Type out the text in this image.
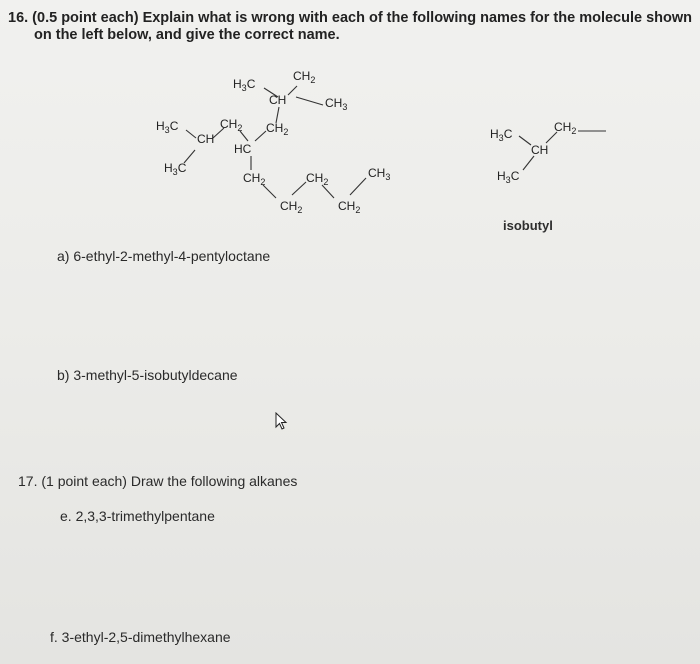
16. (0.5 point each) Explain what is wrong with each of the following names for the molecule shown
on the left below, and give the correct name.
$H_3C$
$CH_2$
CH	$CH_3$
$H_3C$	$CH_2$
CH
$CH_2$
HC
$H_3C$
$CH_2$
$CH_2$
$CH_2$
$CH_2$
$CH_3$
$H_3C$	$CH_2$
CH
$H_3C$
isobutyl
a) 6-ethyl-2-methyl-4-pentyloctane
b) 3-methyl-5-isobutyldecane
17. (1 point each) Draw the following alkanes
e. 2,3,3-trimethylpentane
f. 3-ethyl-2,5-dimethylhexane
